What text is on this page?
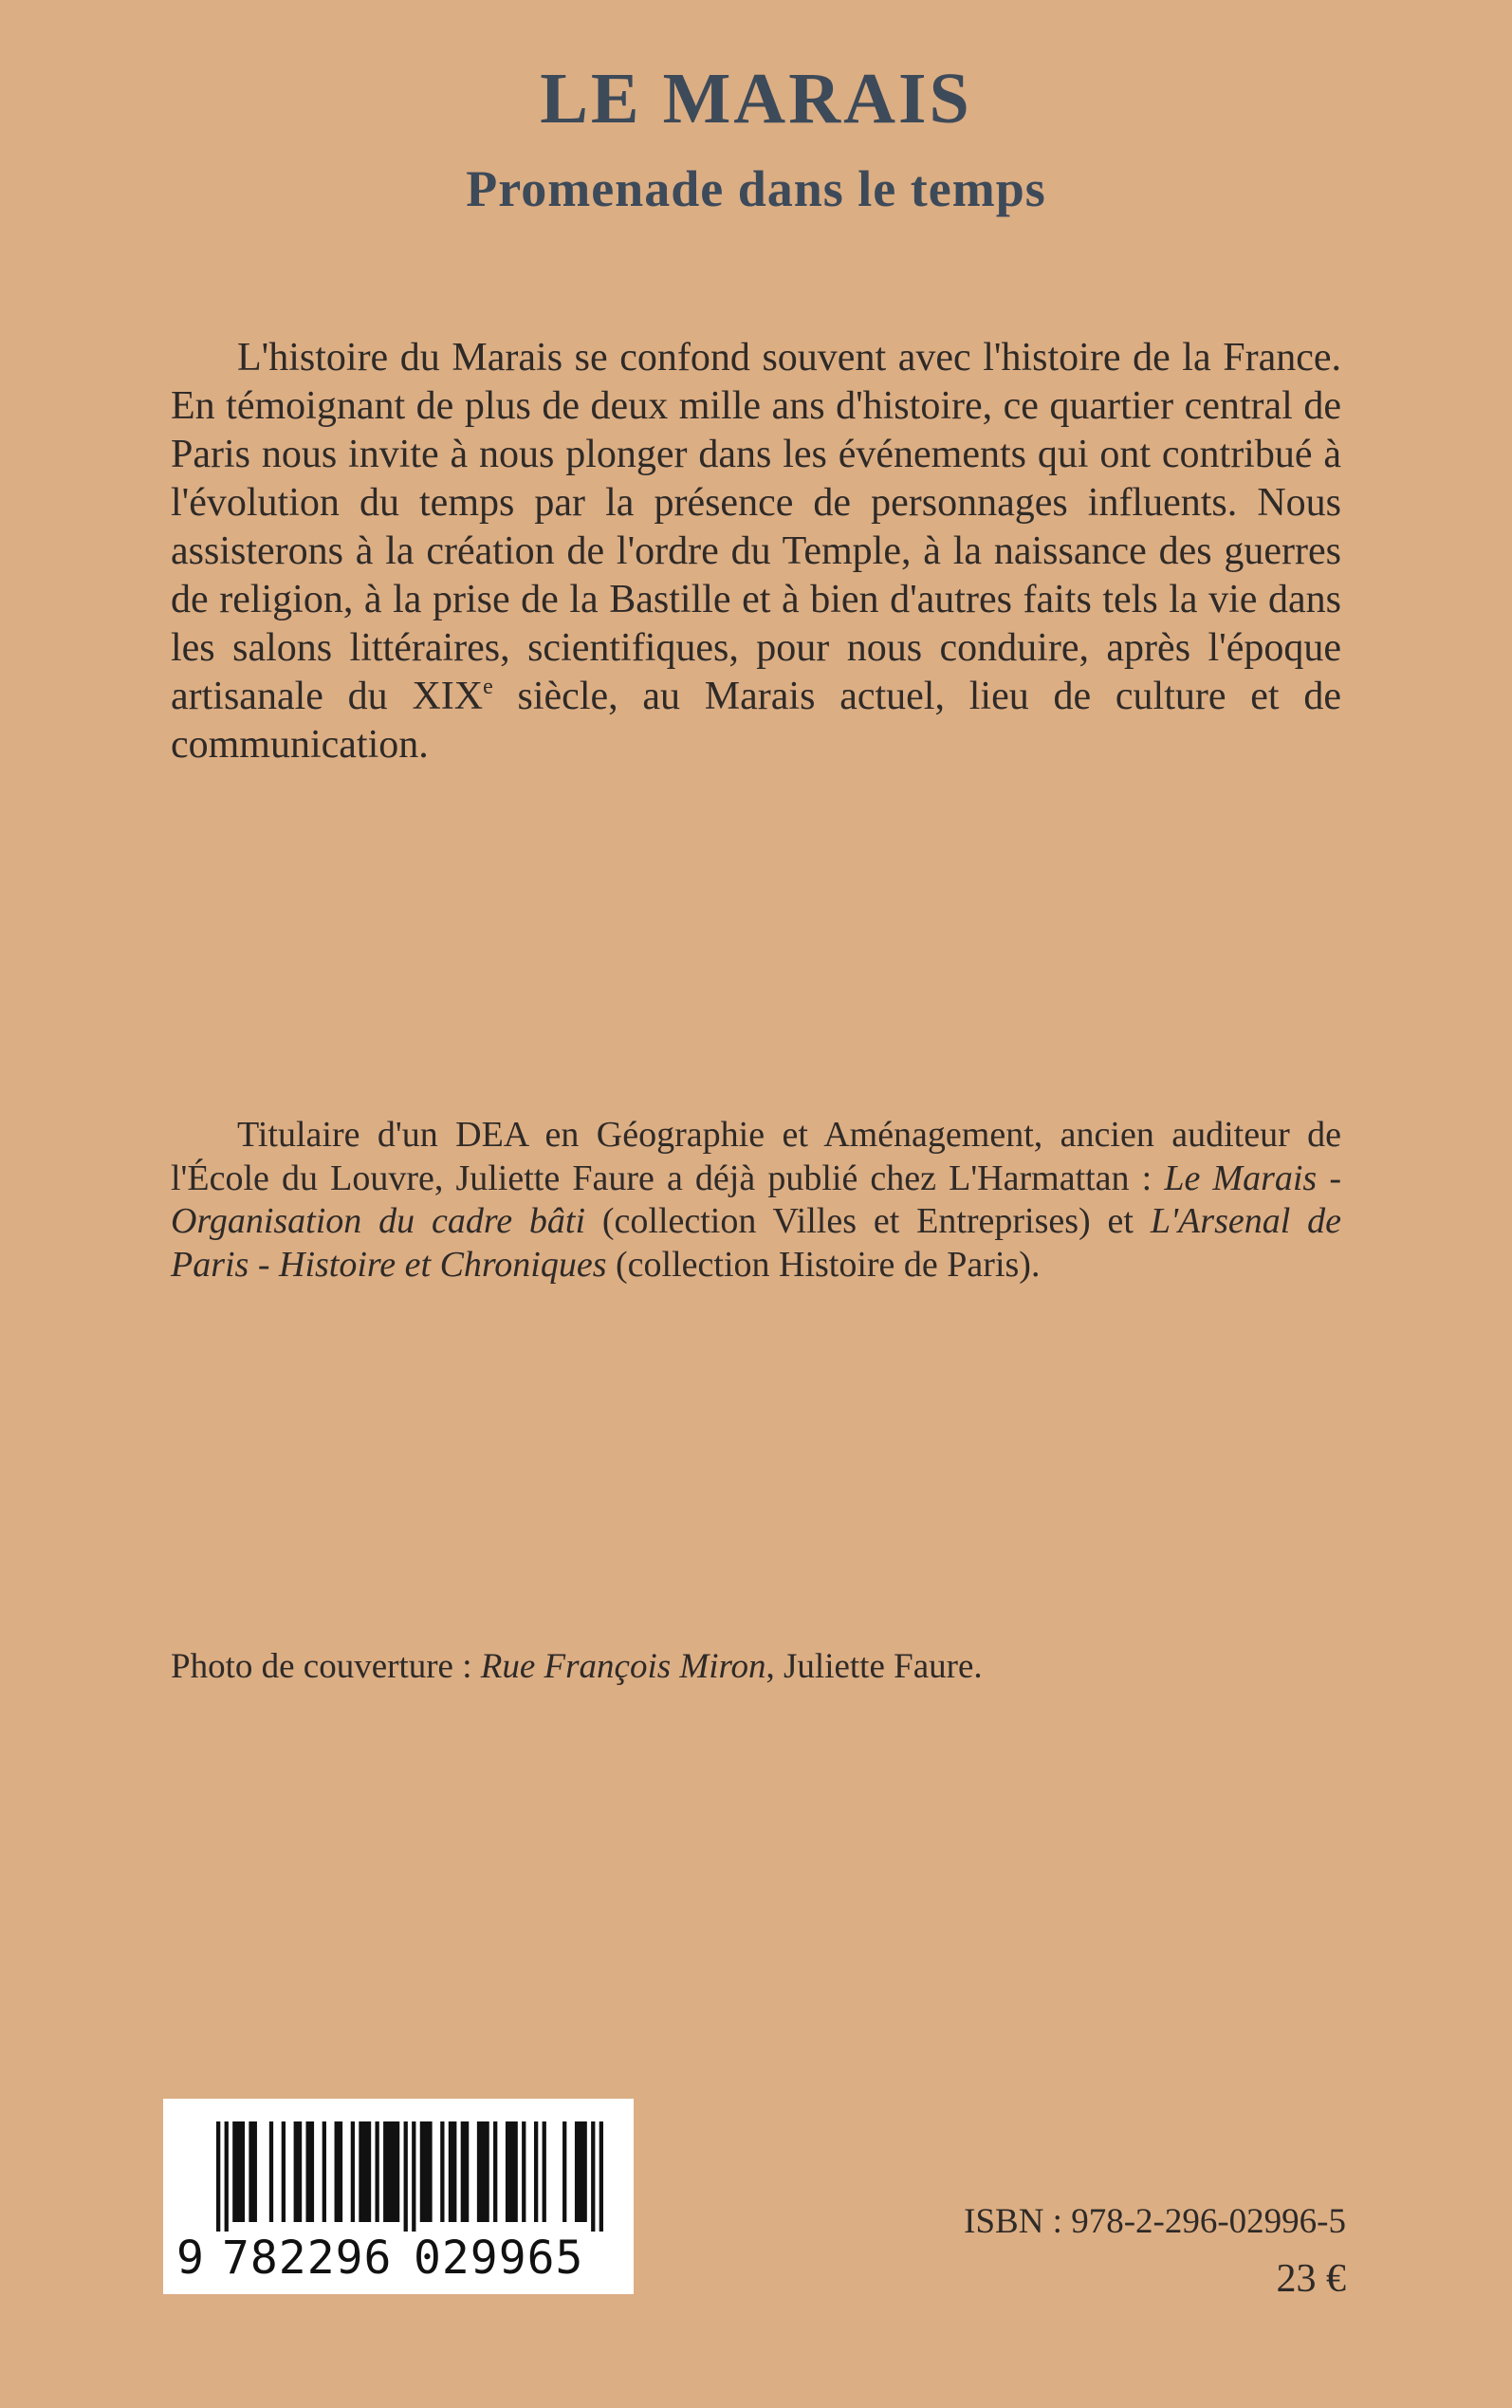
LE MARAIS
Promenade dans le temps

L'histoire du Marais se confond souvent avec l'histoire de la France. En témoignant de plus de deux mille ans d'histoire, ce quartier central de Paris nous invite à nous plonger dans les événements qui ont contribué à l'évolution du temps par la présence de personnages influents. Nous assisterons à la création de l'ordre du Temple, à la naissance des guerres de religion, à la prise de la Bastille et à bien d'autres faits tels la vie dans les salons littéraires, scientifiques, pour nous conduire, après l'époque artisanale du XIXe siècle, au Marais actuel, lieu de culture et de communication.

Titulaire d'un DEA en Géographie et Aménagement, ancien auditeur de l'École du Louvre, Juliette Faure a déjà publié chez L'Harmattan : Le Marais - Organisation du cadre bâti (collection Villes et Entreprises) et L'Arsenal de Paris - Histoire et Chroniques (collection Histoire de Paris).

Photo de couverture : Rue François Miron, Juliette Faure.
9 782296 029965
ISBN : 978-2-296-02996-5
23 €
